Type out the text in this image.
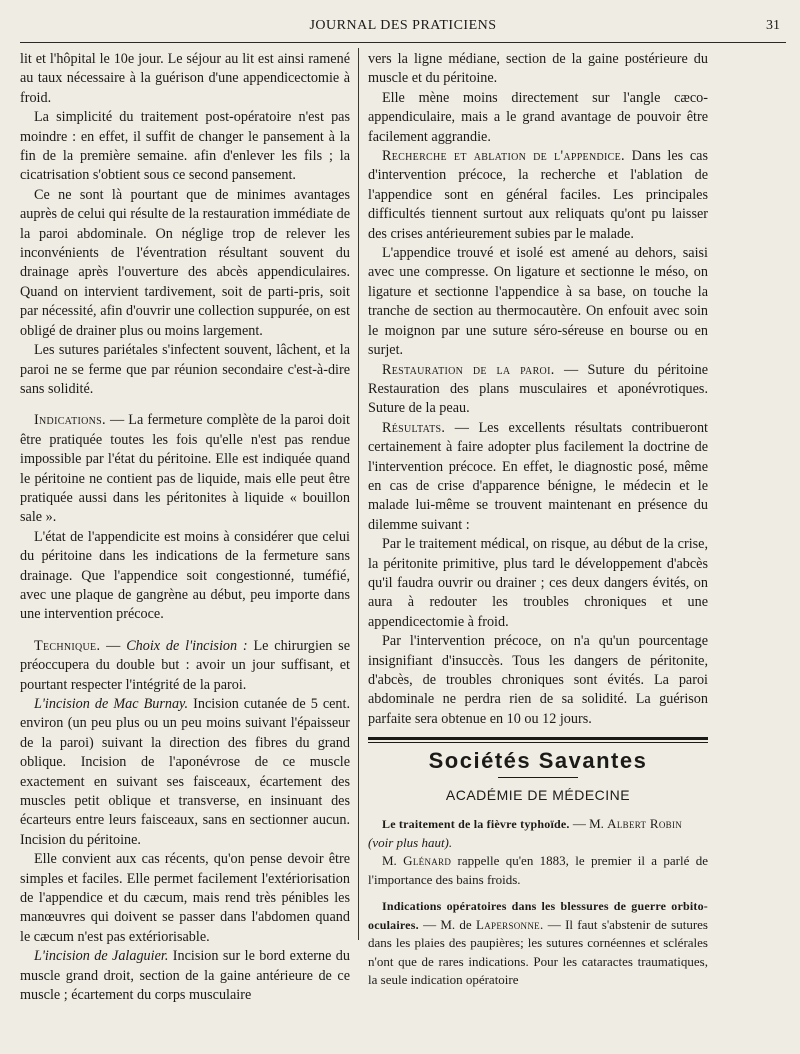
JOURNAL DES PRATICIENS	31

lit et l'hôpital le 10e jour. Le séjour au lit est ainsi ramené au taux nécessaire à la guérison d'une appendicectomie à froid.

La simplicité du traitement post-opératoire n'est pas moindre : en effet, il suffit de changer le pansement à la fin de la première semaine. afin d'enlever les fils ; la cicatrisation s'obtient sous ce second pansement.

Ce ne sont là pourtant que de minimes avantages auprès de celui qui résulte de la restauration immédiate de la paroi abdominale. On néglige trop de relever les inconvénients de l'éventration résultant souvent du drainage après l'ouverture des abcès appendiculaires. Quand on intervient tardivement, soit de parti-pris, soit par nécessité, afin d'ouvrir une collection suppurée, on est obligé de drainer plus ou moins largement.

Les sutures pariétales s'infectent souvent, lâchent, et la paroi ne se ferme que par réunion secondaire c'est-à-dire sans solidité.

Indications. — La fermeture complète de la paroi doit être pratiquée toutes les fois qu'elle n'est pas rendue impossible par l'état du péritoine. Elle est indiquée quand le péritoine ne contient pas de liquide, mais elle peut être pratiquée aussi dans les péritonites à liquide « bouillon sale ».

L'état de l'appendicite est moins à considérer que celui du péritoine dans les indications de la fermeture sans drainage. Que l'appendice soit congestionné, tuméfié, avec une plaque de gangrène au début, peu importe dans une intervention précoce.

Technique. — Choix de l'incision : Le chirurgien se préoccupera du double but : avoir un jour suffisant, et pourtant respecter l'intégrité de la paroi.

L'incision de Mac Burnay. Incision cutanée de 5 cent. environ (un peu plus ou un peu moins suivant l'épaisseur de la paroi) suivant la direction des fibres du grand oblique. Incision de l'aponévrose de ce muscle exactement en suivant ses faisceaux, écartement des muscles petit oblique et transverse, en insinuant des écarteurs entre leurs faisceaux, sans en sectionner aucun. Incision du péritoine.

Elle convient aux cas récents, qu'on pense devoir être simples et faciles. Elle permet facilement l'extériorisation de l'appendice et du cæcum, mais rend très pénibles les manœuvres qui doivent se passer dans l'abdomen quand le cæcum n'est pas extériorisable.

L'incision de Jalaguier. Incision sur le bord externe du muscle grand droit, section de la gaine antérieure de ce muscle ; écartement du corps musculaire

vers la ligne médiane, section de la gaine postérieure du muscle et du péritoine.

Elle mène moins directement sur l'angle cæco-appendiculaire, mais a le grand avantage de pouvoir être facilement aggrandie.

Recherche et ablation de l'appendice. Dans les cas d'intervention précoce, la recherche et l'ablation de l'appendice sont en général faciles. Les principales difficultés tiennent surtout aux reliquats qu'ont pu laisser des crises antérieurement subies par le malade.

L'appendice trouvé et isolé est amené au dehors, saisi avec une compresse. On ligature et sectionne le méso, on ligature et sectionne l'appendice à sa base, on touche la tranche de section au thermocautère. On enfouit avec soin le moignon par une suture séro-séreuse en bourse ou en surjet.

Restauration de la paroi. — Suture du péritoine Restauration des plans musculaires et aponévrotiques. Suture de la peau.

Résultats. — Les excellents résultats contribueront certainement à faire adopter plus facilement la doctrine de l'intervention précoce. En effet, le diagnostic posé, même en cas de crise d'apparence bénigne, le médecin et le malade lui-même se trouvent maintenant en présence du dilemme suivant :

Par le traitement médical, on risque, au début de la crise, la péritonite primitive, plus tard le développement d'abcès qu'il faudra ouvrir ou drainer ; ces deux dangers évités, on aura à redouter les troubles chroniques et une appendicectomie à froid.

Par l'intervention précoce, on n'a qu'un pourcentage insignifiant d'insuccès. Tous les dangers de péritonite, d'abcès, de troubles chroniques sont évités. La paroi abdominale ne perdra rien de sa solidité. La guérison parfaite sera obtenue en 10 ou 12 jours.

Sociétés Savantes
ACADÉMIE DE MÉDECINE

Le traitement de la fièvre typhoïde. — M. Albert Robin
(voir plus haut).

M. Glénard rappelle qu'en 1883, le premier il a parlé de l'importance des bains froids.

Indications opératoires dans les blessures de guerre orbito-oculaires. — M. de Lapersonne. — Il faut s'abstenir de sutures dans les plaies des paupières; les sutures cornéennes et sclérales n'ont que de rares indications. Pour les cataractes traumatiques, la seule indication opératoire
